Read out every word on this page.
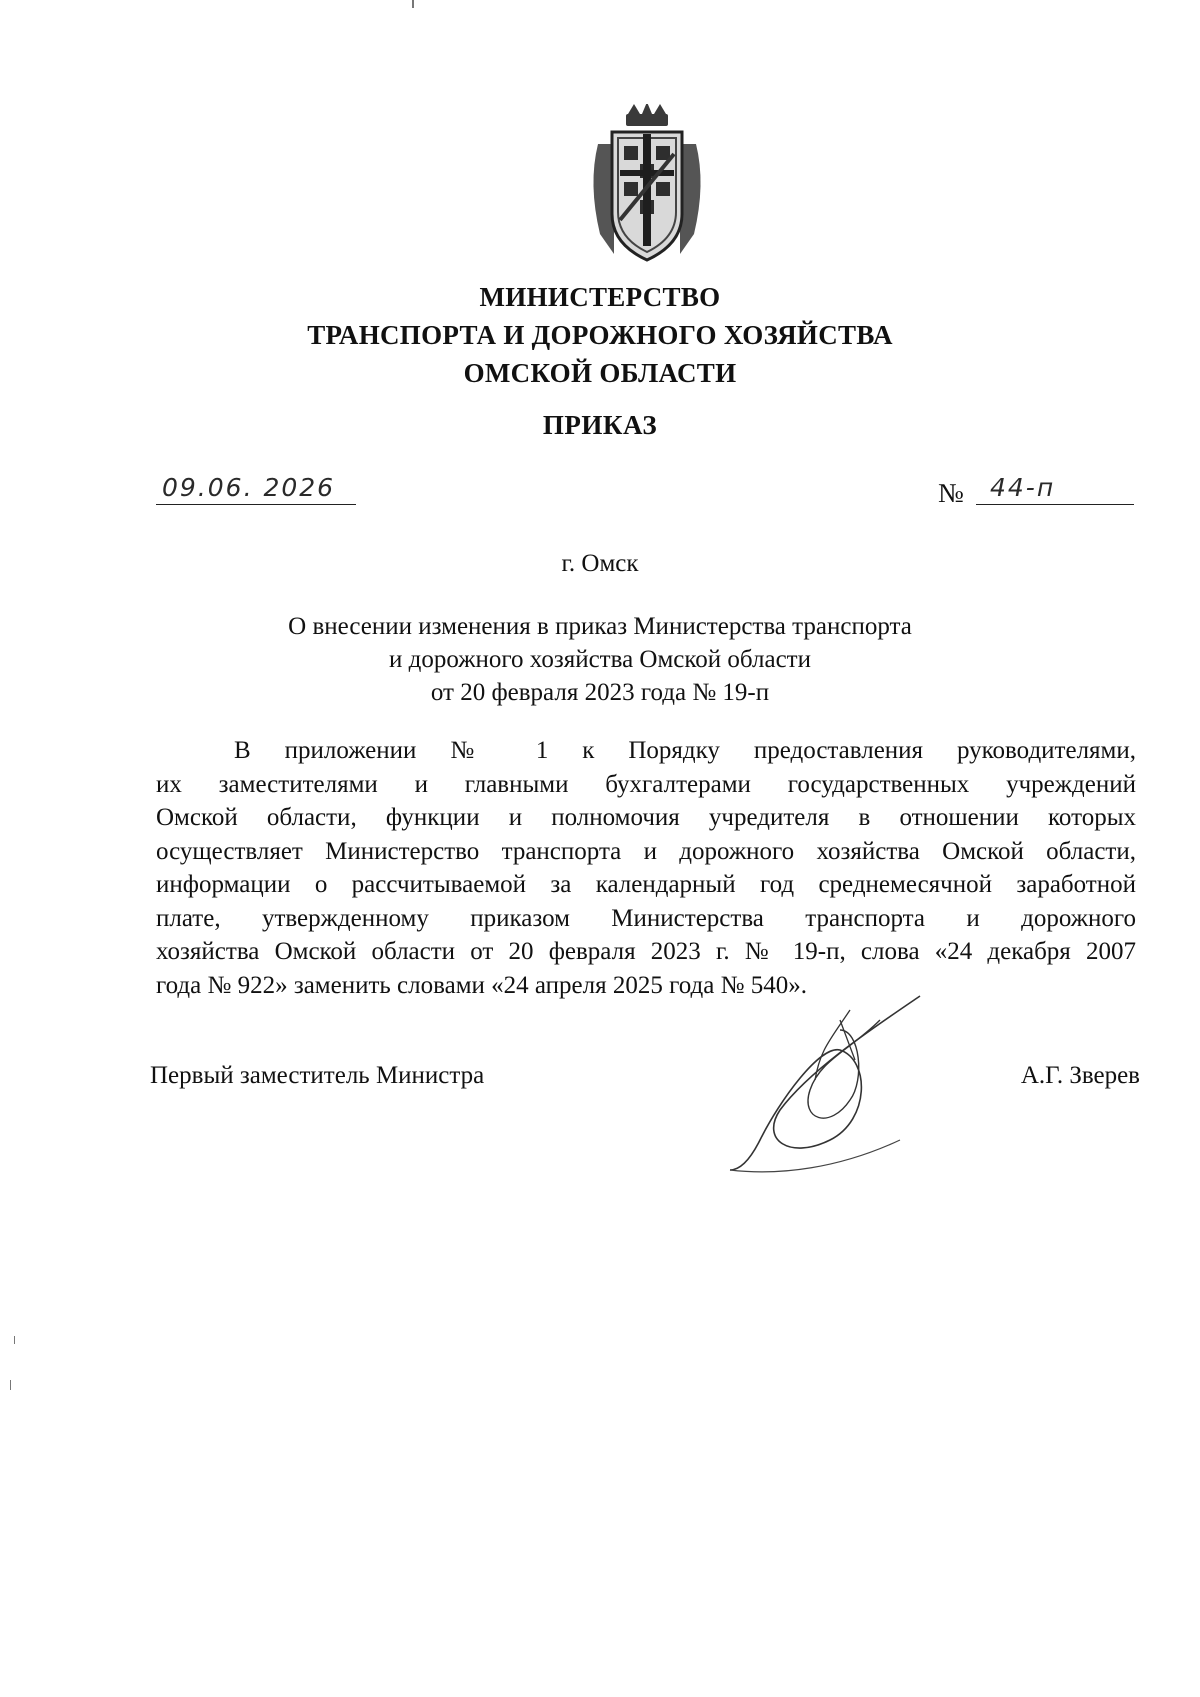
МИНИСТЕРСТВО
ТРАНСПОРТА И ДОРОЖНОГО ХОЗЯЙСТВА
ОМСКОЙ ОБЛАСТИ
ПРИКАЗ
09.06. 2026	№ 44-п
г. Омск
О внесении изменения в приказ Министерства транспорта
и дорожного хозяйства Омской области
от 20 февраля 2023 года № 19-п
В приложении № 1 к Порядку предоставления руководителями,
их заместителями и главными бухгалтерами государственных учреждений
Омской области, функции и полномочия учредителя в отношении которых
осуществляет Министерство транспорта и дорожного хозяйства Омской области,
информации о рассчитываемой за календарный год среднемесячной заработной
плате, утвержденному приказом Министерства транспорта и дорожного
хозяйства Омской области от 20 февраля 2023 г. № 19-п, слова «24 декабря 2007
года № 922» заменить словами «24 апреля 2025 года № 540».
Первый заместитель Министра	А.Г. Зверев
